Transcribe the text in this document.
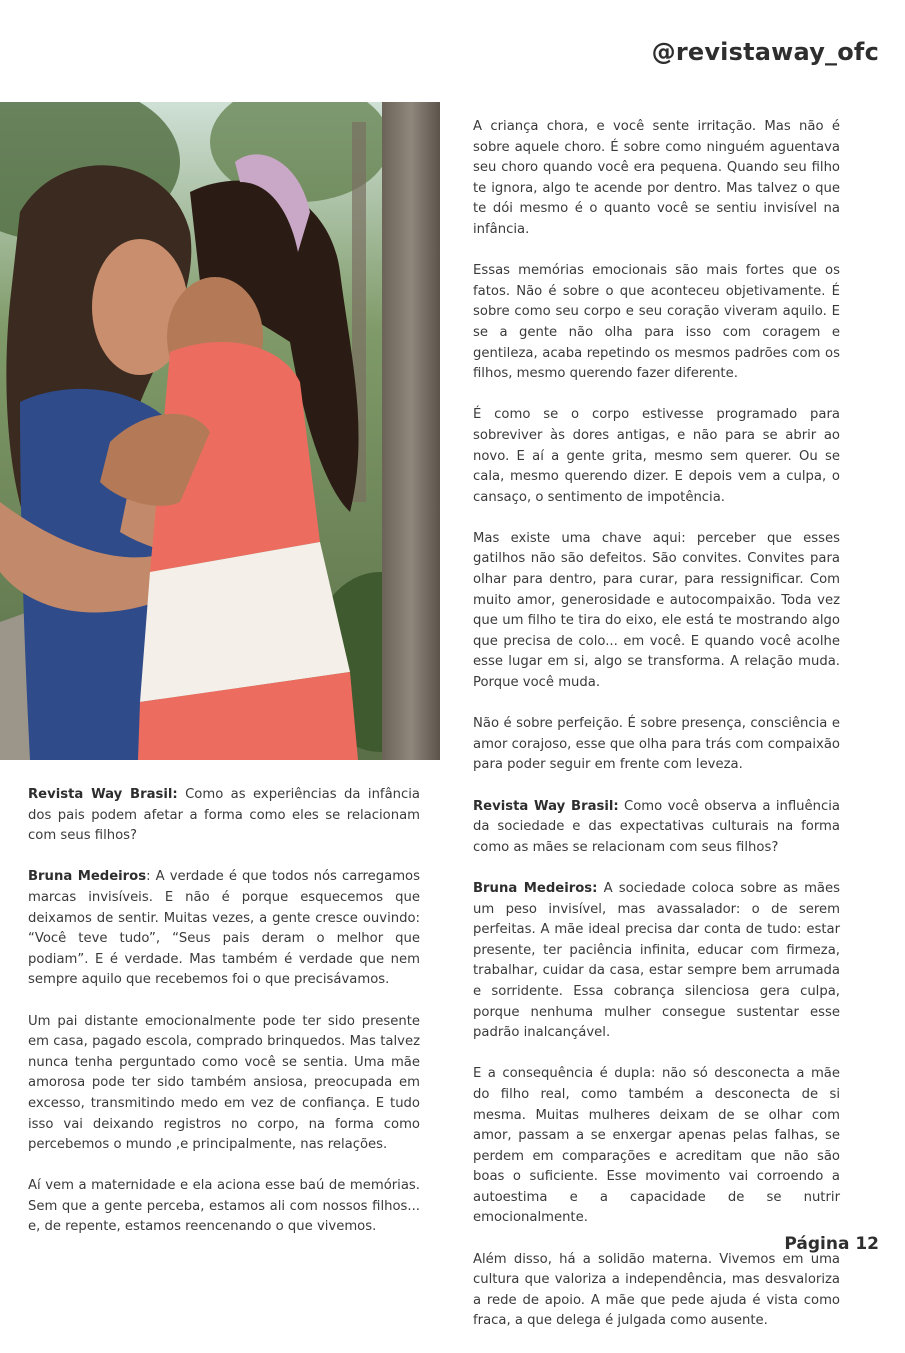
@revistaway_ofc

A criança chora, e você sente irritação. Mas não é sobre aquele choro. É sobre como ninguém aguentava seu choro quando você era pequena. Quando seu filho te ignora, algo te acende por dentro. Mas talvez o que te dói mesmo é o quanto você se sentiu invisível na infância.

Essas memórias emocionais são mais fortes que os fatos. Não é sobre o que aconteceu objetivamente. É sobre como seu corpo e seu coração viveram aquilo. E se a gente não olha para isso com coragem e gentileza, acaba repetindo os mesmos padrões com os filhos, mesmo querendo fazer diferente.

É como se o corpo estivesse programado para sobreviver às dores antigas, e não para se abrir ao novo. E aí a gente grita, mesmo sem querer. Ou se cala, mesmo querendo dizer. E depois vem a culpa, o cansaço, o sentimento de impotência.

Mas existe uma chave aqui: perceber que esses gatilhos não são defeitos. São convites. Convites para olhar para dentro, para curar, para ressignificar. Com muito amor, generosidade e autocompaixão. Toda vez que um filho te tira do eixo, ele está te mostrando algo que precisa de colo... em você. E quando você acolhe esse lugar em si, algo se transforma. A relação muda. Porque você muda.

Não é sobre perfeição. É sobre presença, consciência e amor corajoso, esse que olha para trás com compaixão para poder seguir em frente com leveza.

Revista Way Brasil: Como você observa a influência da sociedade e das expectativas culturais na forma como as mães se relacionam com seus filhos?

Bruna Medeiros: A sociedade coloca sobre as mães um peso invisível, mas avassalador: o de serem perfeitas. A mãe ideal precisa dar conta de tudo: estar presente, ter paciência infinita, educar com firmeza, trabalhar, cuidar da casa, estar sempre bem arrumada e sorridente. Essa cobrança silenciosa gera culpa, porque nenhuma mulher consegue sustentar esse padrão inalcançável.

E a consequência é dupla: não só desconecta a mãe do filho real, como também a desconecta de si mesma. Muitas mulheres deixam de se olhar com amor, passam a se enxergar apenas pelas falhas, se perdem em comparações e acreditam que não são boas o suficiente. Esse movimento vai corroendo a autoestima e a capacidade de se nutrir emocionalmente.

Além disso, há a solidão materna. Vivemos em uma cultura que valoriza a independência, mas desvaloriza a rede de apoio. A mãe que pede ajuda é vista como fraca, a que delega é julgada como ausente.

Revista Way Brasil: Como as experiências da infância dos pais podem afetar a forma como eles se relacionam com seus filhos?

Bruna Medeiros: A verdade é que todos nós carregamos marcas invisíveis. E não é porque esquecemos que deixamos de sentir. Muitas vezes, a gente cresce ouvindo: “Você teve tudo”, “Seus pais deram o melhor que podiam”. E é verdade. Mas também é verdade que nem sempre aquilo que recebemos foi o que precisávamos.

Um pai distante emocionalmente pode ter sido presente em casa, pagado escola, comprado brinquedos. Mas talvez nunca tenha perguntado como você se sentia. Uma mãe amorosa pode ter sido também ansiosa, preocupada em excesso, transmitindo medo em vez de confiança. E tudo isso vai deixando registros no corpo, na forma como percebemos o mundo ,e principalmente, nas relações.

Aí vem a maternidade e ela aciona esse baú de memórias. Sem que a gente perceba, estamos ali com nossos filhos... e, de repente, estamos reencenando o que vivemos.

Página 12
